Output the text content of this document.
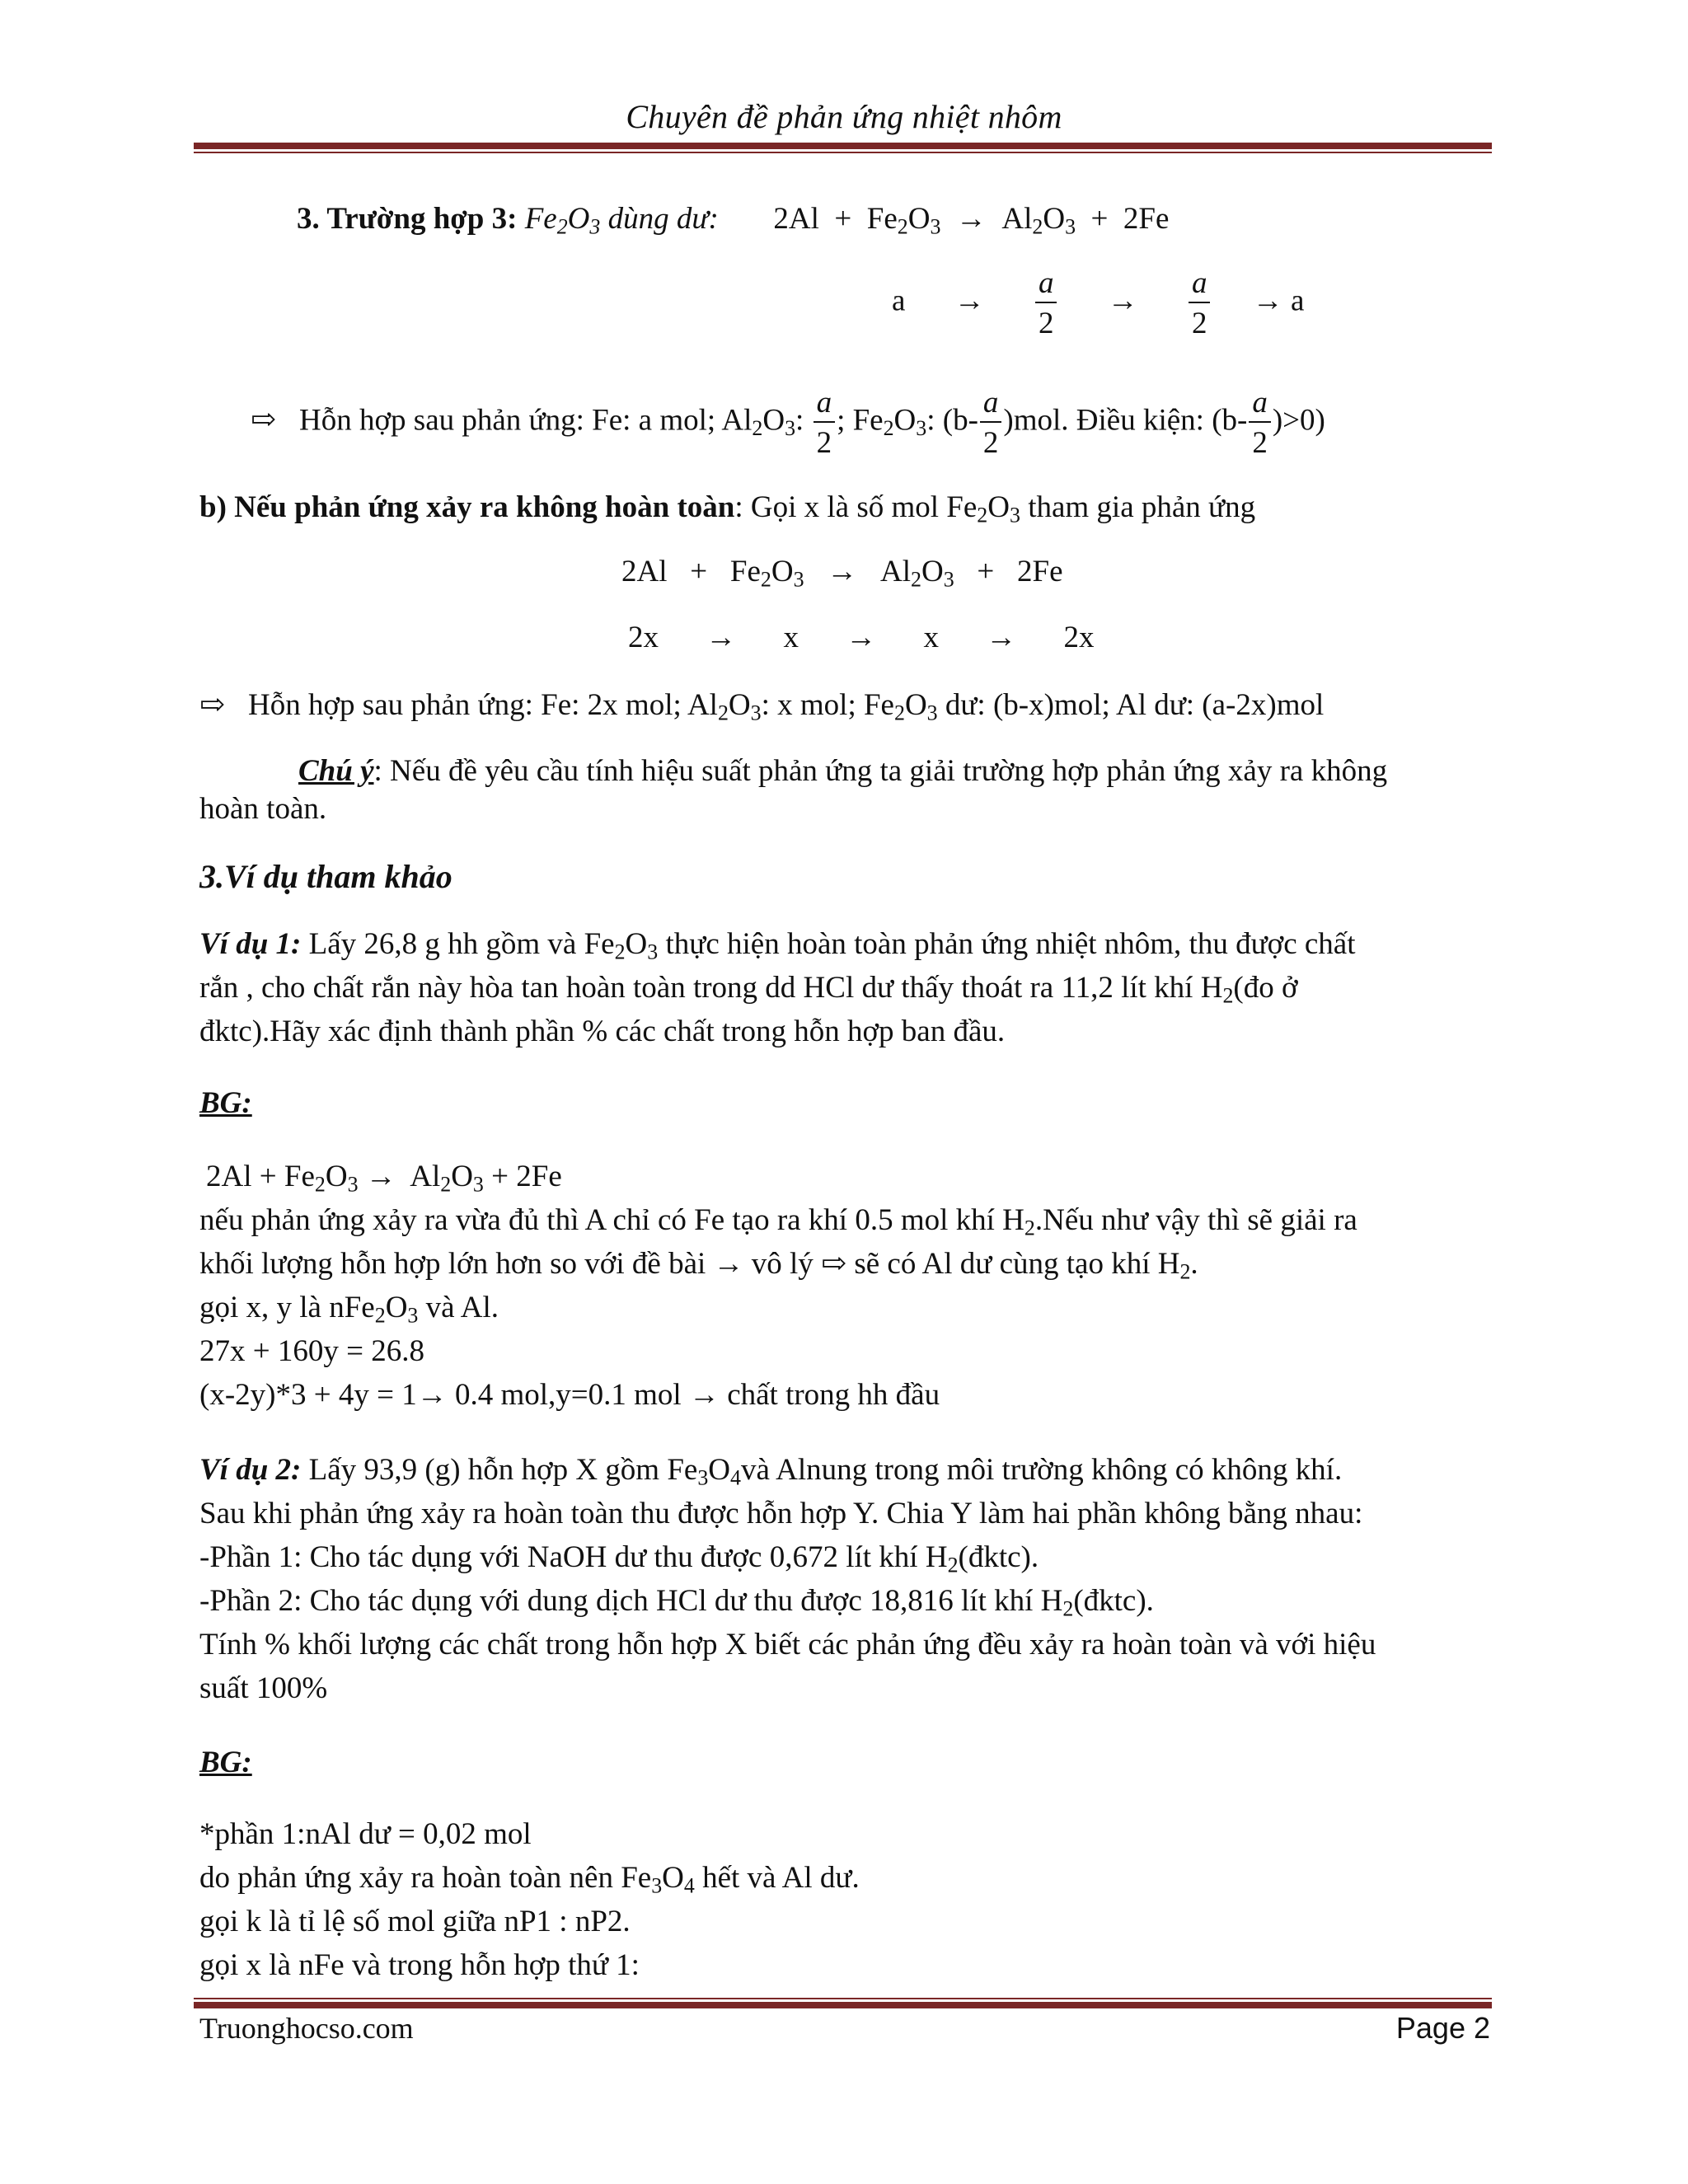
Chuyên đề phản ứng nhiệt nhôm
3. Trường hợp 3: $Fe_2O_3$ dùng dư: $2Al + Fe_2O_3 \to Al_2O_3 + 2Fe$
$a \to \frac{a}{2} \to \frac{a}{2} \to a$
⇨ Hỗn hợp sau phản ứng: Fe: a mol; $Al_2O_3$: $\frac{a}{2}$ ; $Fe_2O_3$: $(b- \frac{a}{2} )mol$. Điều kiện: $(b- \frac{a}{2} )>0$)
b) Nếu phản ứng xảy ra không hoàn toàn: Gọi x là số mol $Fe_2O_3$ tham gia phản ứng
$2Al + Fe_2O_3 \to Al_2O_3 + 2Fe$
2x → x → x → 2x
⇨ Hỗn hợp sau phản ứng: Fe: 2x mol; $Al_2O_3$: x mol; $Fe_2O_3$ dư: (b-x)mol; Al dư: (a-2x)mol
Chú ý: Nếu đề yêu cầu tính hiệu suất phản ứng ta giải trường hợp phản ứng xảy ra không
hoàn toàn.
3.Ví dụ tham khảo
Ví dụ 1: Lấy 26,8 g hh gồm và $Fe_2O_3$ thực hiện hoàn toàn phản ứng nhiệt nhôm, thu được chất
rắn , cho chất rắn này hòa tan hoàn toàn trong dd HCl dư thấy thoát ra 11,2 lít khí $H_2(đo$ ở
đktc).Hãy xác định thành phần % các chất trong hỗn hợp ban đầu.
BG:
$2Al + Fe_2O_3 \to Al_2O_3 + 2Fe$
nếu phản ứng xảy ra vừa đủ thì A chỉ có Fe tạo ra khí 0.5 mol khí $H_2.Nếu$ như vậy thì sẽ giải ra
khối lượng hỗn hợp lớn hơn so với đề bài → vô lý ⇨ sẽ có Al dư cùng tạo khí $H_2$.
gọi x, y là $nFe_2O_3$ và Al.
27x + 160y = 26.8
(x-2y)*3 + 4y = 1→ 0.4 mol,y=0.1 mol → chất trong hh đầu
Ví dụ 2: Lấy 93,9 (g) hỗn hợp X gồm $Fe_3O_4và$ Alnung trong môi trường không có không khí.
Sau khi phản ứng xảy ra hoàn toàn thu được hỗn hợp Y. Chia Y làm hai phần không bằng nhau:
-Phần 1: Cho tác dụng với NaOH dư thu được 0,672 lít khí $H_2(đktc)$.
-Phần 2: Cho tác dụng với dung dịch HCl dư thu được 18,816 lít khí $H_2(đktc)$.
Tính % khối lượng các chất trong hỗn hợp X biết các phản ứng đều xảy ra hoàn toàn và với hiệu
suất 100%
BG:
*phần 1:nAl dư = 0,02 mol
do phản ứng xảy ra hoàn toàn nên $Fe_3O_4$ hết và Al dư.
gọi k là tỉ lệ số mol giữa nP1 : nP2.
gọi x là nFe và trong hỗn hợp thứ 1:
Truonghocso.com	Page 2
